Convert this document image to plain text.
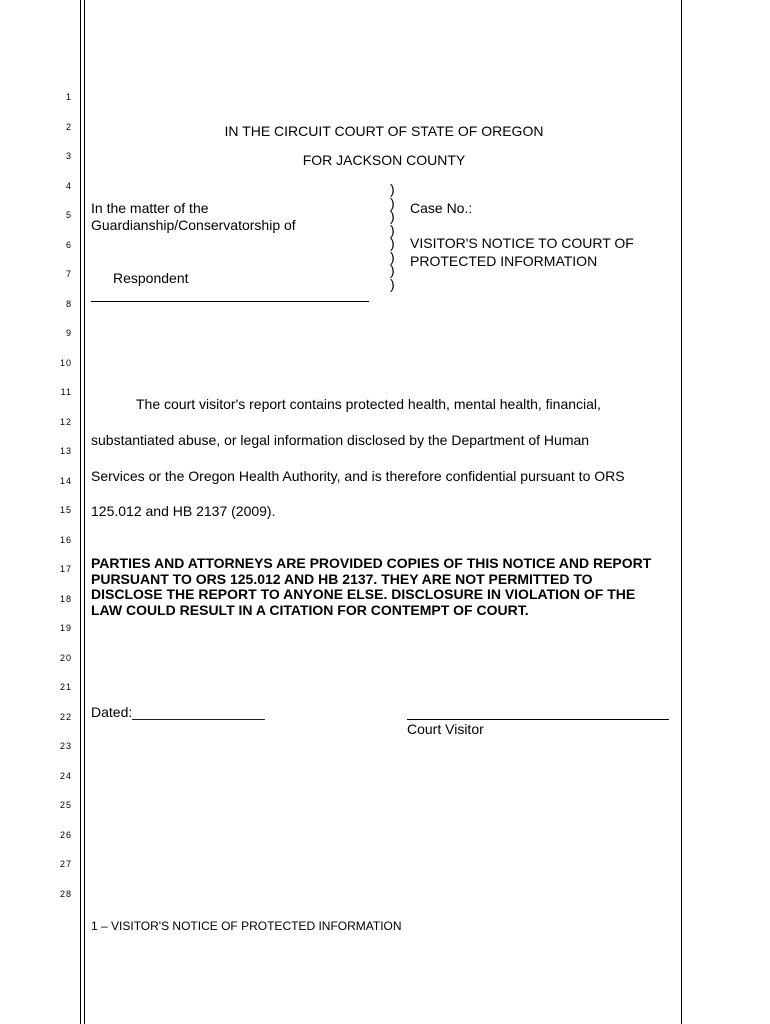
1
2
3
4
5
6
7
8
9
10
11
12
13
14
15
16
17
18
19
20
21
22
23
24
25
26
27
28
IN THE CIRCUIT COURT OF STATE OF OREGON
FOR JACKSON COUNTY
In the matter of the
Guardianship/Conservatorship of
Respondent
)
)
)
)
)
)
)
)
Case No.:
VISITOR'S NOTICE TO COURT OF
PROTECTED INFORMATION
The court visitor's report contains protected health, mental health, financial,
substantiated abuse, or legal information disclosed by the Department of Human
Services or the Oregon Health Authority, and is therefore confidential pursuant to ORS
125.012 and HB 2137 (2009).
PARTIES AND ATTORNEYS ARE PROVIDED COPIES OF THIS NOTICE AND REPORT PURSUANT TO ORS 125.012 AND HB 2137. THEY ARE NOT PERMITTED TO DISCLOSE THE REPORT TO ANYONE ELSE. DISCLOSURE IN VIOLATION OF THE LAW COULD RESULT IN A CITATION FOR CONTEMPT OF COURT.
Dated:_________________
Court Visitor
1 – VISITOR'S NOTICE OF PROTECTED INFORMATION
